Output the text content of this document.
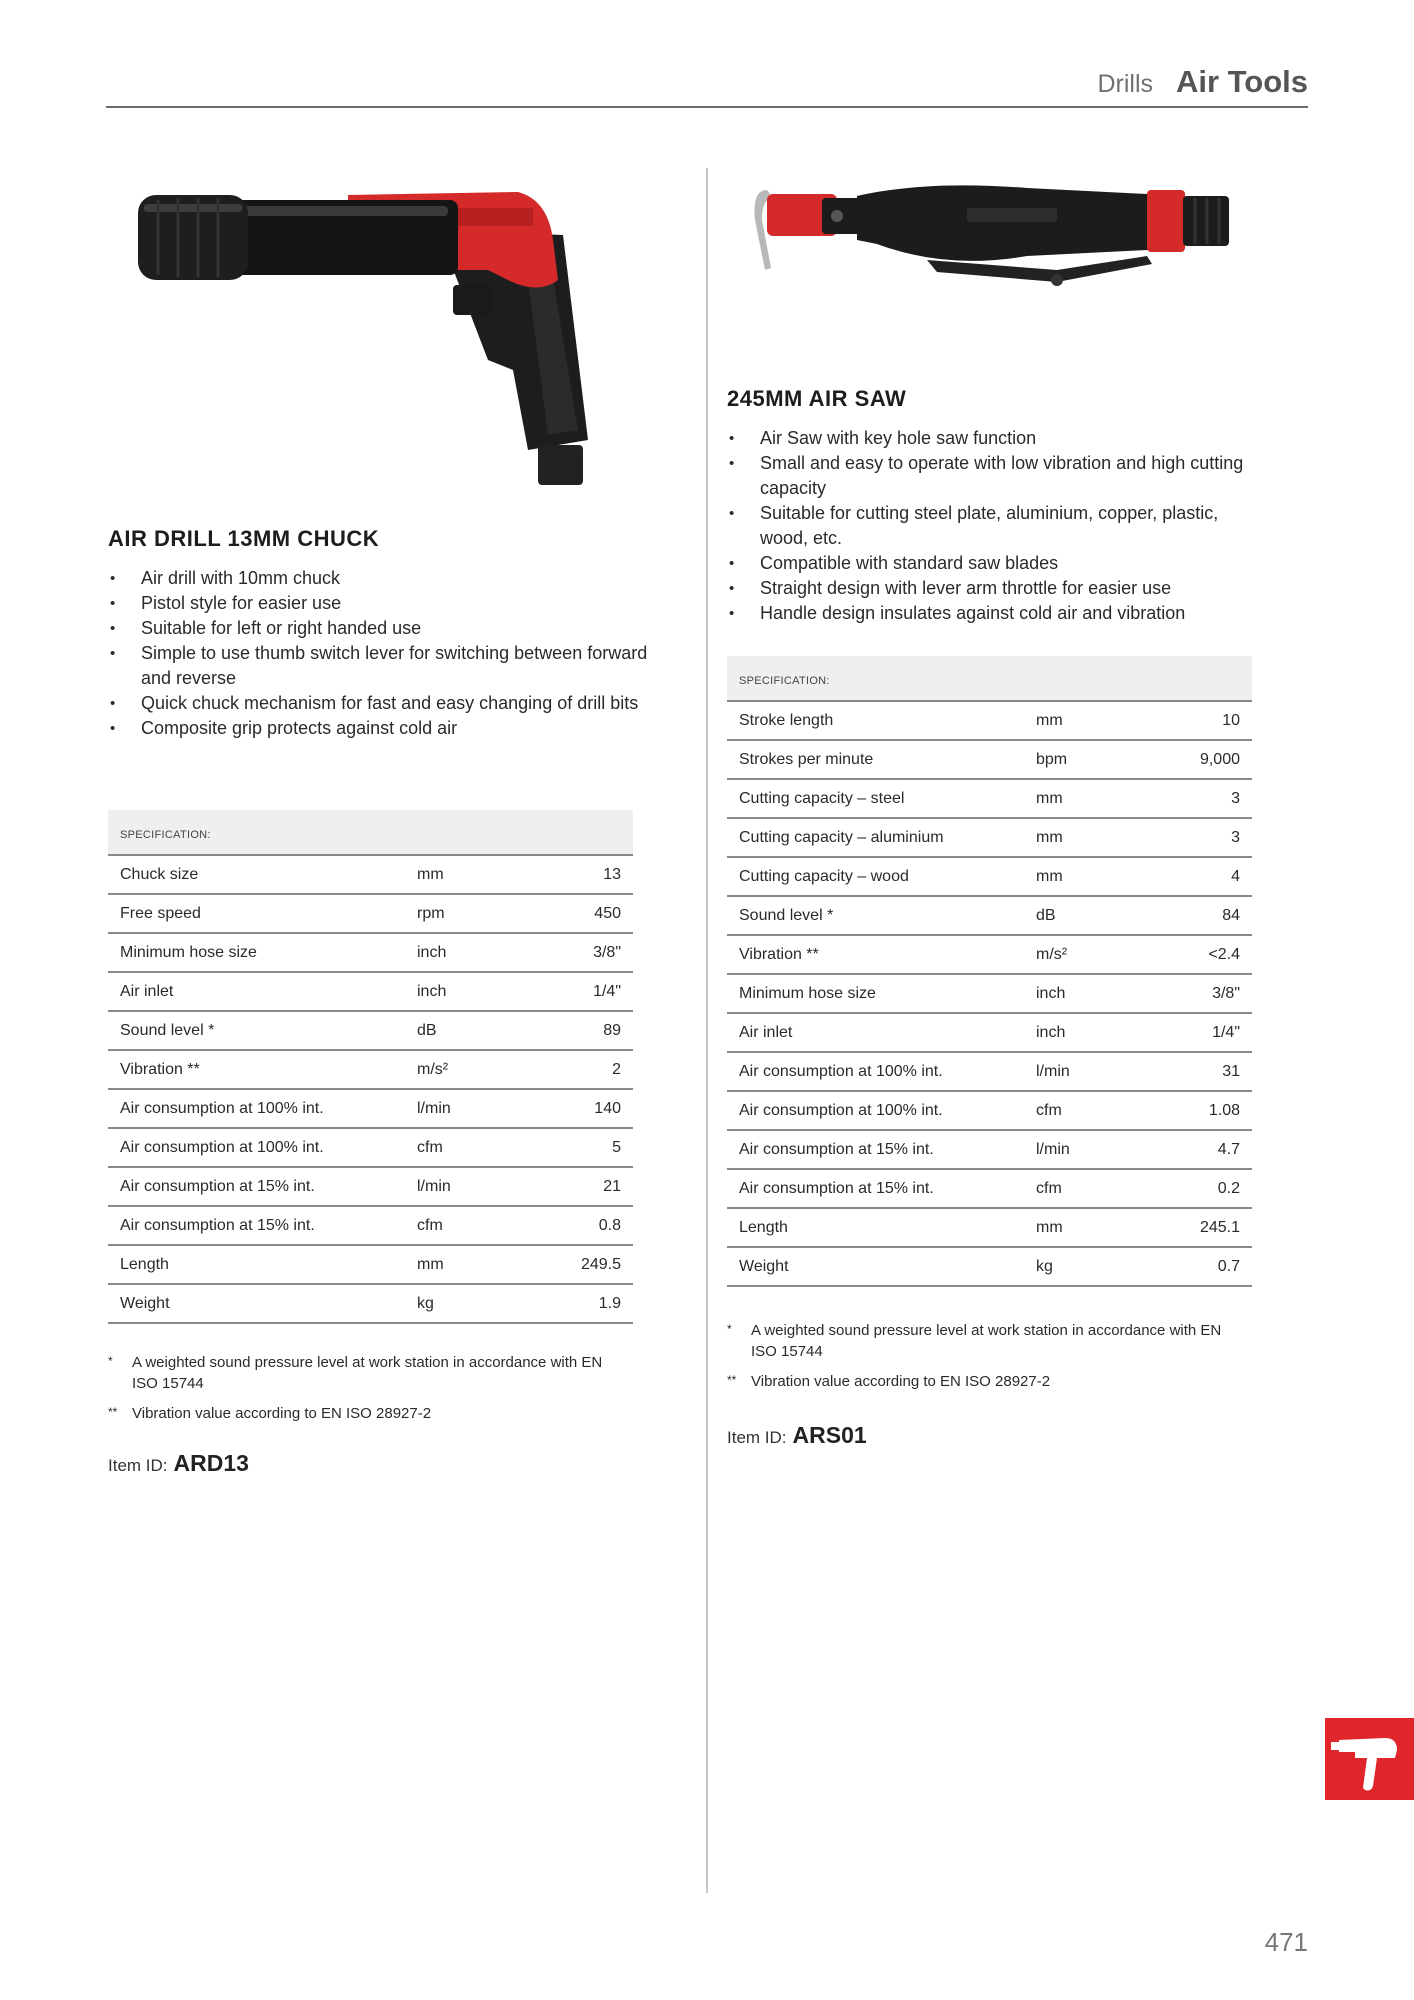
Drills Air Tools
AIR DRILL 13MM CHUCK
• Air drill with 10mm chuck
• Pistol style for easier use
• Suitable for left or right handed use
• Simple to use thumb switch lever for switching between forward and reverse
• Quick chuck mechanism for fast and easy changing of drill bits
• Composite grip protects against cold air
SPECIFICATION:		
Chuck size	mm	13
Free speed	rpm	450
Minimum hose size	inch	3/8"
Air inlet	inch	1/4"
Sound level *	dB	89
Vibration **	m/s²	2
Air consumption at 100% int.	l/min	140
Air consumption at 100% int.	cfm	5
Air consumption at 15% int.	l/min	21
Air consumption at 15% int.	cfm	0.8
Length	mm	249.5
Weight	kg	1.9
* A weighted sound pressure level at work station in accordance with EN ISO 15744
** Vibration value according to EN ISO 28927-2
Item ID: ARD13
245MM AIR SAW
• Air Saw with key hole saw function
• Small and easy to operate with low vibration and high cutting capacity
• Suitable for cutting steel plate, aluminium, copper, plastic, wood, etc.
• Compatible with standard saw blades
• Straight design with lever arm throttle for easier use
• Handle design insulates against cold air and vibration
SPECIFICATION:		
Stroke length	mm	10
Strokes per minute	bpm	9,000
Cutting capacity – steel	mm	3
Cutting capacity – aluminium	mm	3
Cutting capacity – wood	mm	4
Sound level *	dB	84
Vibration **	m/s²	<2.4
Minimum hose size	inch	3/8"
Air inlet	inch	1/4"
Air consumption at 100% int.	l/min	31
Air consumption at 100% int.	cfm	1.08
Air consumption at 15% int.	l/min	4.7
Air consumption at 15% int.	cfm	0.2
Length	mm	245.1
Weight	kg	0.7
* A weighted sound pressure level at work station in accordance with EN ISO 15744
** Vibration value according to EN ISO 28927-2
Item ID: ARS01
471
